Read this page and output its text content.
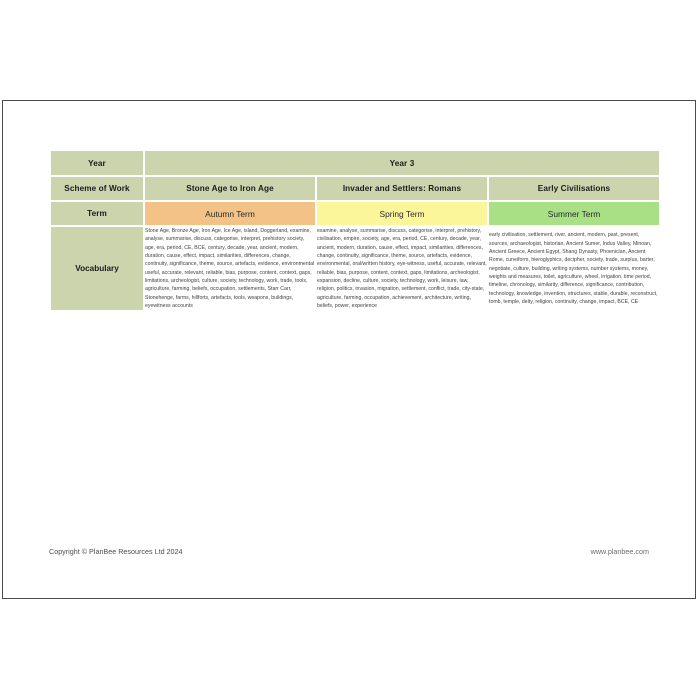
Year	Year 3		
Scheme of Work	Stone Age to Iron Age	Invader and Settlers: Romans	Early Civilisations
Term	Autumn Term	Spring Term	Summer Term
Vocabulary	Stone Age, Bronze Age, Iron Age, Ice Age, island, Doggerland, examine, analyse, summarise, discuss, categorise, interpret, prehistory society, age, era, period, CE, BCE, century, decade, year, ancient, modern, duration, cause, effect, impact, similarities, differences, change, continuity, significance, theme, source, artefacts, evidence, environmental useful, accurate, relevant, reliable, bias, purpose, content, context, gaps, limitations, archeologist, culture, society, technology, work, trade, tools, agriculture, farming, beliefs, occupation, settlements, Starr Carr, Stonehenge, farms, hillforts, artefacts, tools, weapons, buildings, eyewitness accounts	examine, analyse, summarise, discuss, categorise, interpret, prehistory, civilisation, empire, society, age, era, period, CE, century, decade, year, ancient, modern, duration, cause, effect, impact, similarities, differences, change, continuity, significance, theme, source, artefacts, evidence, environmental, oral/written history, eye-witness, useful, accurate, relevant, reliable, bias, purpose, content, context, gaps, limitations, archeologist, expansion, decline, culture, society, technology, work, leisure, law, religion, politics, invasion, migration, settlement, conflict, trade, city-state, agriculture, farming, occupation, achievement, architecture, writing, beliefs, power, experience	early civilisation, settlement, river, ancient, modern, past, present, sources, archaeologist, historian, Ancient Sumer, Indus Valley, Minoan, Ancient Greece, Ancient Egypt, Shang Dynasty, Phoenician, Ancient Rome, cuneiform, hieroglyphics, decipher, society, trade, surplus, barter, negotiate, culture, building, writing systems, number systems, money, weights and measures, toilet, agriculture, wheel, irrigation, time period, timeline, chronology, similarity, difference, significance, contribution, technology, knowledge, invention, structures, stable, durable, reconstruct, tomb, temple, deity, religion, continuity, change, impact, BCE, CE
Copyright © PlanBee Resources Ltd 2024	www.planbee.com
